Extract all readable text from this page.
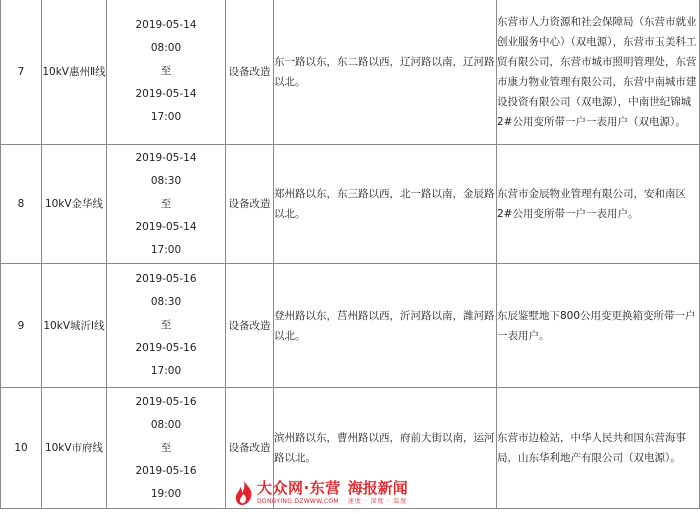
7	10kV惠州Ⅱ线	2019-05-14
08:00
至
2019-05-14
17:00	设备改造	东一路以东，东二路以西，辽河路以南，辽河路以北。	东营市人力资源和社会保障局（东营市就业创业服务中心）（双电源），东营市玉美科工贸有限公司，东营市城市照明管理处，东营市康力物业管理有限公司，东营中南城市建设投资有限公司（双电源），中南世纪锦城2#公用变所带一户一表用户（双电源）。
8	10kV金华线	2019-05-14
08:30
至
2019-05-14
17:00	设备改造	郑州路以东，东三路以西，北一路以南，金辰路以北。	东营市金辰物业管理有限公司，安和南区2#公用变所带一户一表用户。
9	10kV城沂Ⅰ线	2019-05-16
08:30
至
2019-05-16
17:00	设备改造	登州路以东，莒州路以西，沂河路以南，潍河路以北。	东辰鉴墅地下800公用变更换箱变所带一户一表用户。
10	10kV市府线	2019-05-16
08:00
至
2019-05-16
19:00	设备改造	滨州路以东，曹州路以西，府前大街以南，运河路以北。	东营市边检站，中华人民共和国东营海事局，山东华利地产有限公司（双电源）。
大众网·东营
DONGYING.DZWWW.COM
海报新闻
速度 · 深度 · 温度
